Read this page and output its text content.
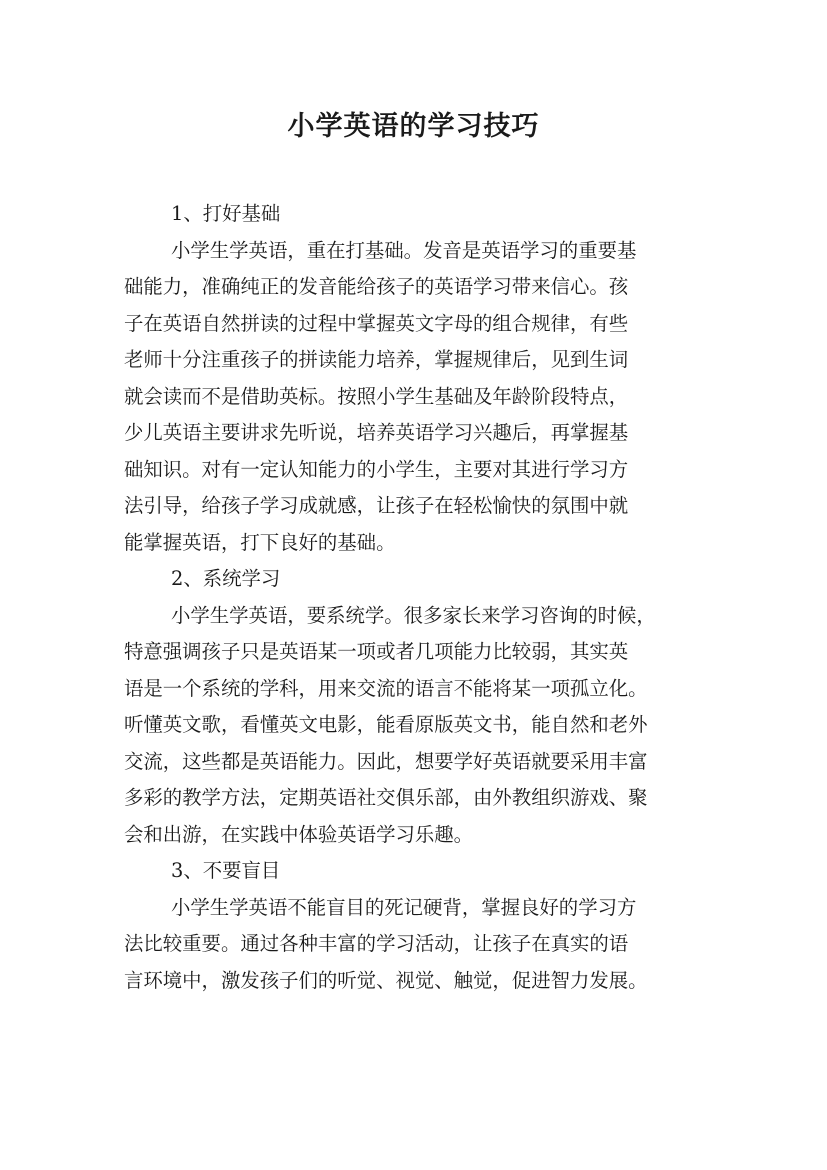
小学英语的学习技巧
1、打好基础
小学生学英语，重在打基础。发音是英语学习的重要基
础能力，准确纯正的发音能给孩子的英语学习带来信心。孩
子在英语自然拼读的过程中掌握英文字母的组合规律，有些
老师十分注重孩子的拼读能力培养，掌握规律后，见到生词
就会读而不是借助英标。按照小学生基础及年龄阶段特点，
少儿英语主要讲求先听说，培养英语学习兴趣后，再掌握基
础知识。对有一定认知能力的小学生，主要对其进行学习方
法引导，给孩子学习成就感，让孩子在轻松愉快的氛围中就
能掌握英语，打下良好的基础。
2、系统学习
小学生学英语，要系统学。很多家长来学习咨询的时候，
特意强调孩子只是英语某一项或者几项能力比较弱，其实英
语是一个系统的学科，用来交流的语言不能将某一项孤立化。
听懂英文歌，看懂英文电影，能看原版英文书，能自然和老外
交流，这些都是英语能力。因此，想要学好英语就要采用丰富
多彩的教学方法，定期英语社交俱乐部，由外教组织游戏、聚
会和出游，在实践中体验英语学习乐趣。
3、不要盲目
小学生学英语不能盲目的死记硬背，掌握良好的学习方
法比较重要。通过各种丰富的学习活动，让孩子在真实的语
言环境中，激发孩子们的听觉、视觉、触觉，促进智力发展。
